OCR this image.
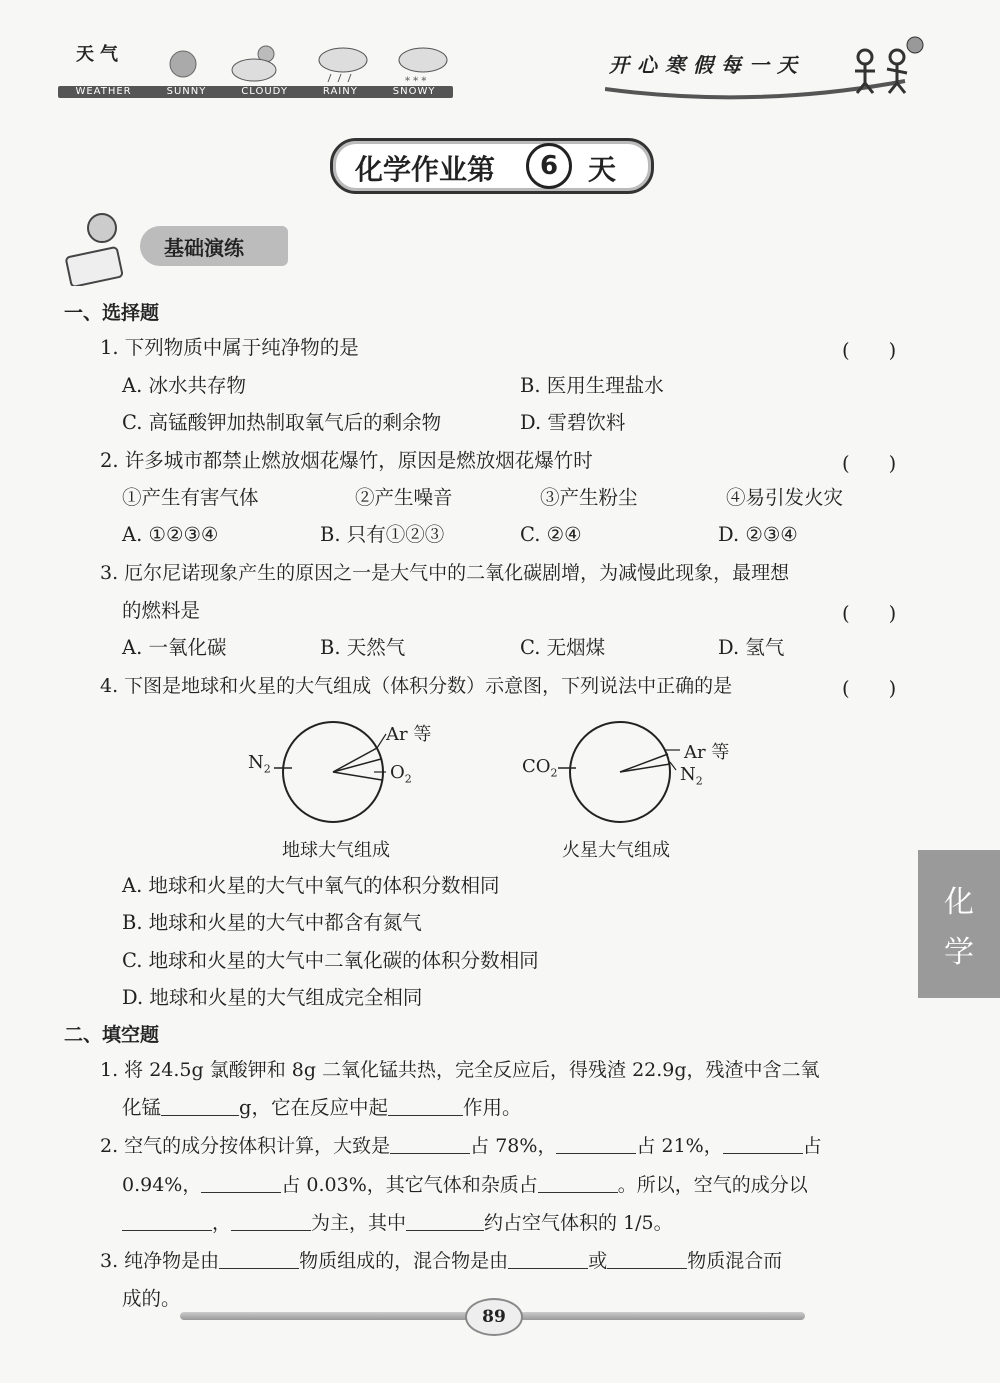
天气
* * *
WEATHER	SUNNY	CLOUDY	RAINY	SNOWY
开心寒假每一天
化学作业第	6	天
基础演练
化
学
一、选择题
1. 下列物质中属于纯净物的是	(　　)
A. 冰水共存物	B. 医用生理盐水
C. 高锰酸钾加热制取氧气后的剩余物	D. 雪碧饮料
2. 许多城市都禁止燃放烟花爆竹，原因是燃放烟花爆竹时	(　　)
①产生有害气体	②产生噪音	③产生粉尘	④易引发火灾
A. ①②③④	B. 只有①②③	C. ②④	D. ②③④
3. 厄尔尼诺现象产生的原因之一是大气中的二氧化碳剧增，为减慢此现象，最理想
的燃料是	(　　)
A. 一氧化碳	B. 天然气	C. 无烟煤	D. 氢气
4. 下图是地球和火星的大气组成（体积分数）示意图，下列说法中正确的是	(　　)
$N_2$
Ar 等
$O_2$
$CO_2$
Ar 等
$N_2$
地球大气组成	火星大气组成
A. 地球和火星的大气中氧气的体积分数相同
B. 地球和火星的大气中都含有氮气
C. 地球和火星的大气中二氧化碳的体积分数相同
D. 地球和火星的大气组成完全相同
二、填空题
1. 将 24.5g 氯酸钾和 8g 二氧化锰共热，完全反应后，得残渣 22.9g，残渣中含二氧
化锰	g，它在反应中起	作用。
2. 空气的成分按体积计算，大致是	占 78%，	占 21%，	占
0.94%，	占 0.03%，其它气体和杂质占	。所以，空气的成分以
，	为主，其中	约占空气体积的 1/5。
3. 纯净物是由	物质组成的，混合物是由	或	物质混合而
成的。
89
